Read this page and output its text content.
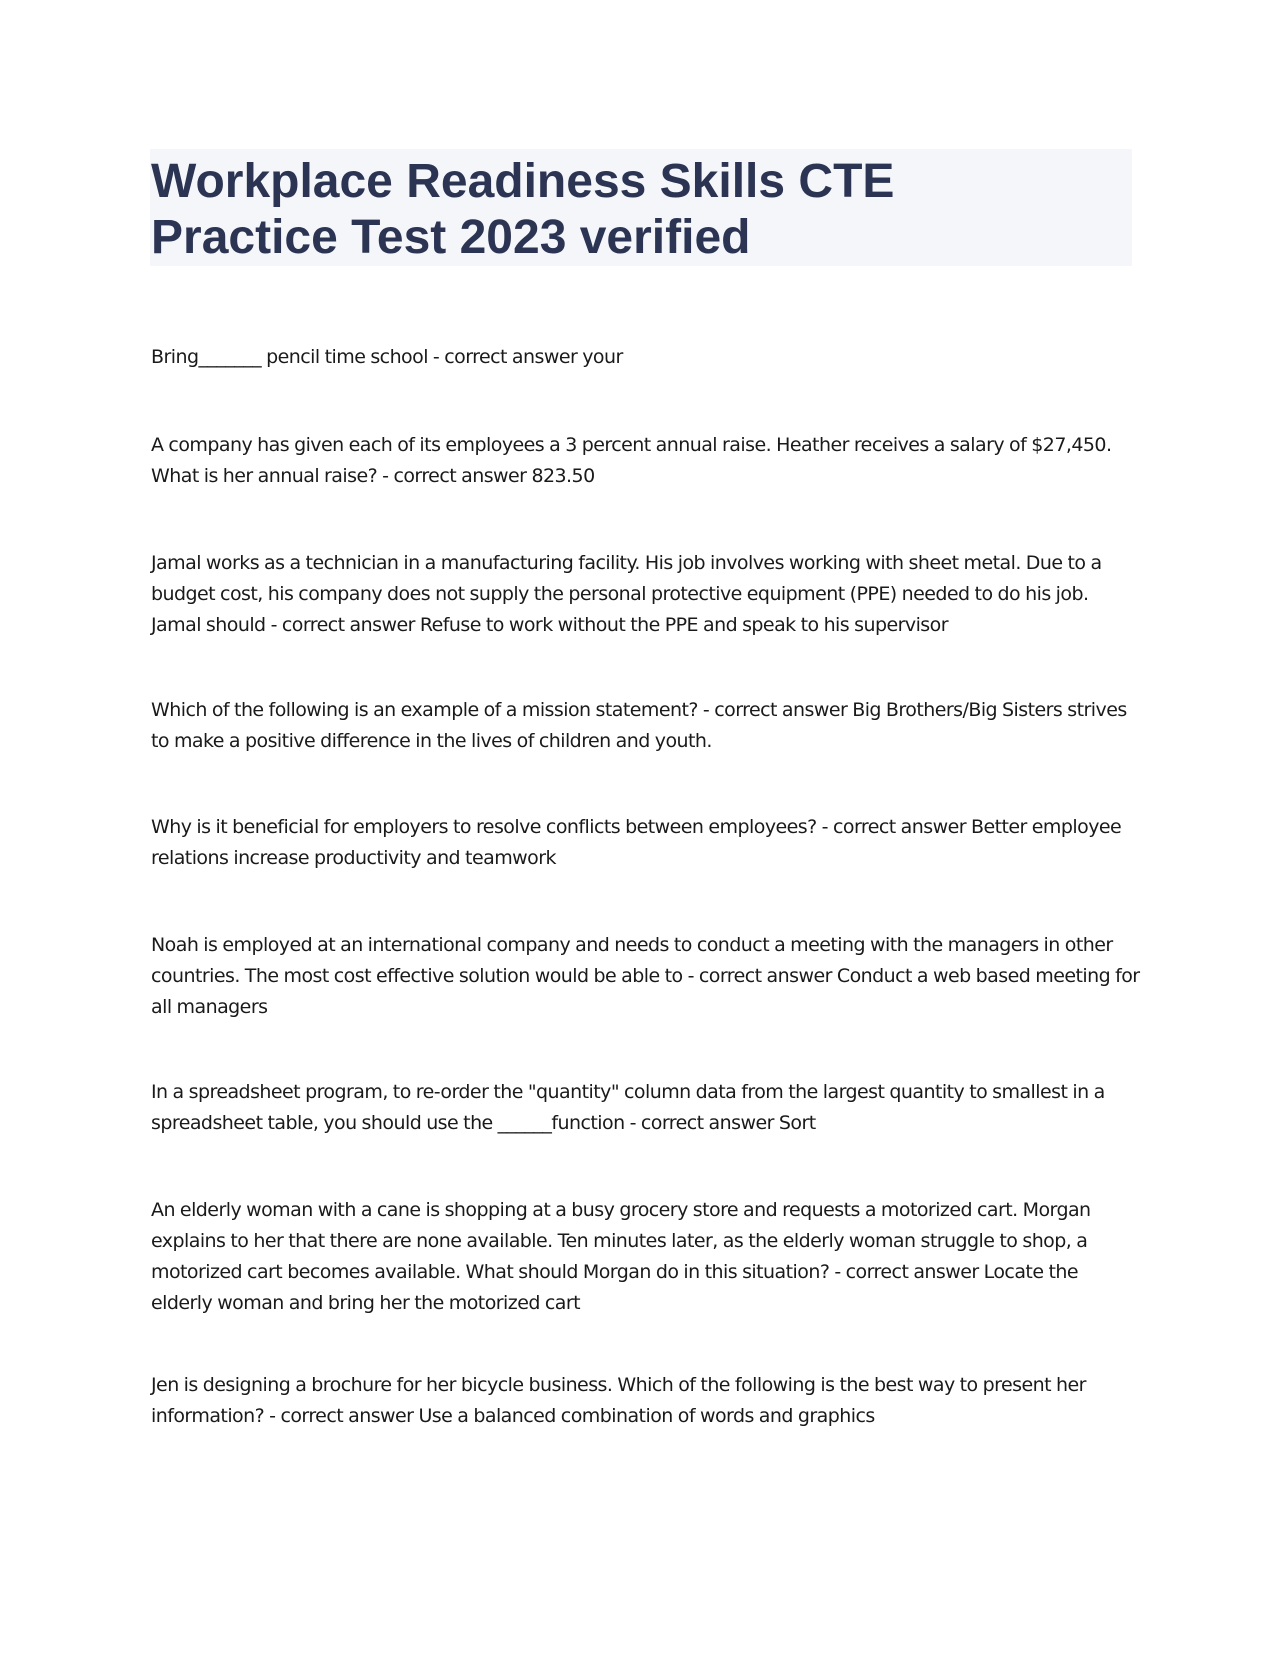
Workplace Readiness Skills CTE
Practice Test 2023 verified

Bring_______ pencil time school - correct answer your

A company has given each of its employees a 3 percent annual raise. Heather receives a salary of $27,450. What is her annual raise? - correct answer 823.50

Jamal works as a technician in a manufacturing facility. His job involves working with sheet metal. Due to a budget cost, his company does not supply the personal protective equipment (PPE) needed to do his job. Jamal should - correct answer Refuse to work without the PPE and speak to his supervisor

Which of the following is an example of a mission statement? - correct answer Big Brothers/Big Sisters strives to make a positive difference in the lives of children and youth.

Why is it beneficial for employers to resolve conflicts between employees? - correct answer Better employee relations increase productivity and teamwork

Noah is employed at an international company and needs to conduct a meeting with the managers in other countries. The most cost effective solution would be able to - correct answer Conduct a web based meeting for all managers

In a spreadsheet program, to re-order the "quantity" column data from the largest quantity to smallest in a spreadsheet table, you should use the ______function - correct answer Sort

An elderly woman with a cane is shopping at a busy grocery store and requests a motorized cart. Morgan explains to her that there are none available. Ten minutes later, as the elderly woman struggle to shop, a motorized cart becomes available. What should Morgan do in this situation? - correct answer Locate the elderly woman and bring her the motorized cart

Jen is designing a brochure for her bicycle business. Which of the following is the best way to present her information? - correct answer Use a balanced combination of words and graphics
